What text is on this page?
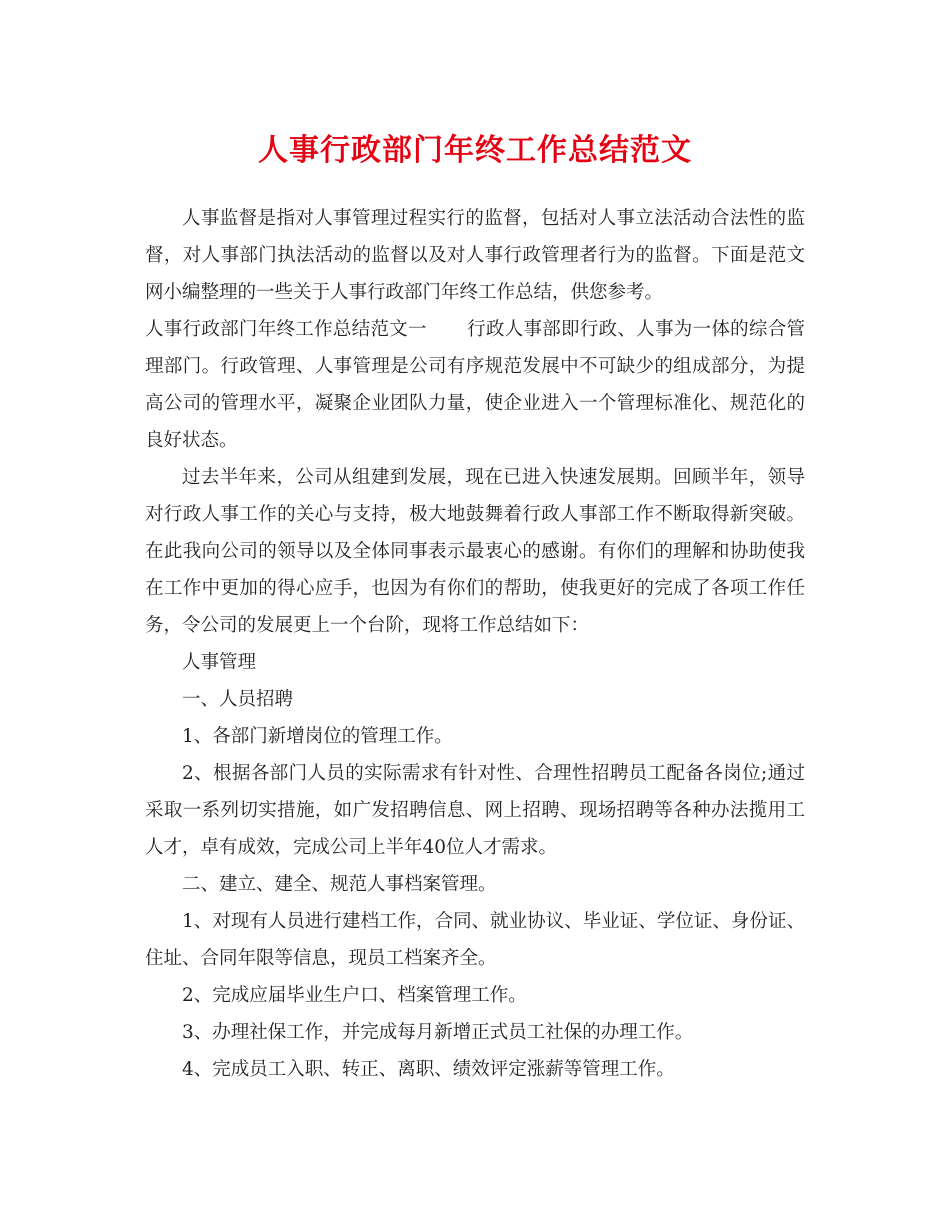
人事行政部门年终工作总结范文

人事监督是指对人事管理过程实行的监督，包括对人事立法活动合法性的监督，对人事部门执法活动的监督以及对人事行政管理者行为的监督。下面是范文网小编整理的一些关于人事行政部门年终工作总结，供您参考。

人事行政部门年终工作总结范文一 行政人事部即行政、人事为一体的综合管理部门。行政管理、人事管理是公司有序规范发展中不可缺少的组成部分，为提高公司的管理水平，凝聚企业团队力量，使企业进入一个管理标准化、规范化的良好状态。

过去半年来，公司从组建到发展，现在已进入快速发展期。回顾半年，领导对行政人事工作的关心与支持，极大地鼓舞着行政人事部工作不断取得新突破。在此我向公司的领导以及全体同事表示最衷心的感谢。有你们的理解和协助使我在工作中更加的得心应手，也因为有你们的帮助，使我更好的完成了各项工作任务，令公司的发展更上一个台阶，现将工作总结如下：

人事管理

一、人员招聘

1、各部门新增岗位的管理工作。

2、根据各部门人员的实际需求有针对性、合理性招聘员工配备各岗位;通过采取一系列切实措施，如广发招聘信息、网上招聘、现场招聘等各种办法揽用工人才，卓有成效，完成公司上半年40位人才需求。

二、建立、建全、规范人事档案管理。

1、对现有人员进行建档工作，合同、就业协议、毕业证、学位证、身份证、住址、合同年限等信息，现员工档案齐全。

2、完成应届毕业生户口、档案管理工作。

3、办理社保工作，并完成每月新增正式员工社保的办理工作。

4、完成员工入职、转正、离职、绩效评定涨薪等管理工作。
